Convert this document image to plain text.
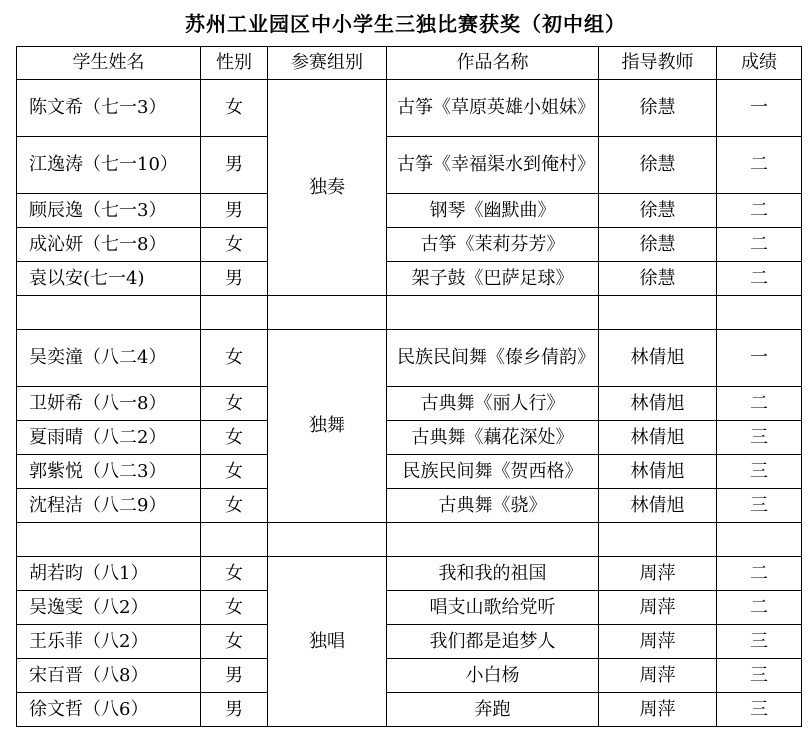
苏州工业园区中小学生三独比赛获奖（初中组）
学生姓名	性别	参赛组别	作品名称	指导教师	成绩
陈文希（七一3）	女	独奏	古筝《草原英雄小姐妹》	徐慧	一
江逸涛（七一10）	男		古筝《幸福渠水到俺村》	徐慧	二
顾辰逸（七一3）	男		钢琴《幽默曲》	徐慧	二
成沁妍（七一8）	女		古筝《茉莉芬芳》	徐慧	二
袁以安(七一4)	男		架子鼓《巴萨足球》	徐慧	二

吴奕潼（八二4）	女	独舞	民族民间舞《傣乡倩韵》	林倩旭	一
卫妍希（八一8）	女		古典舞《丽人行》	林倩旭	二
夏雨晴（八二2）	女		古典舞《藕花深处》	林倩旭	三
郭紫悦（八二3）	女		民族民间舞《贺西格》	林倩旭	三
沈程洁（八二9）	女		古典舞《骁》	林倩旭	三

胡若昀（八1）	女	独唱	我和我的祖国	周萍	二
吴逸雯（八2）	女		唱支山歌给党听	周萍	二
王乐菲（八2）	女		我们都是追梦人	周萍	三
宋百晋（八8）	男		小白杨	周萍	三
徐文哲（八6）	男		奔跑	周萍	三
